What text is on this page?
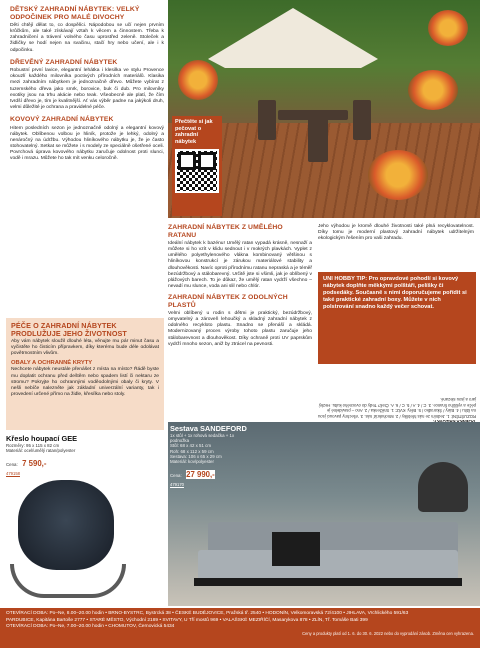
DĚTSKÝ ZAHRADNÍ NÁBYTEK: VELKÝ ODPOČINEK PRO MALÉ DIVOCHY
Děti chtějí dělat to, co dospělíci. Nápodobou se učí nejen prvním krůčkům, ale také získávají vztah k věcem a činnostem. Třeba k zahradničení a trávení volného času uprostřed zeleně. Stoleček a židličky se hodí nejen na svačinu, stačí hry nebo učení, ale i k odpočinku.
DŘEVĚNÝ ZAHRADNÍ NÁBYTEK
Robustní první lavice, elegantní lehátka i klesilka ve stylu Provence okouzlí každého milovníka poctivých přírodních materiálů. Klasika mezi zahradním nábytkem je jednoznačně dřevo. Můžete vybírat z tuzemského dřeva jako smrk, borovice, buk či dub. Pro milovníky exotiky jsou na trhu akácie nebo teak. Všeobecně ale platí, že čím tvrdší dřevo je, tím je kvalitnější. Ať vás výběr padne na jakýkoli druh, velmi důležité je ochrana a pravidelné péče.
KOVOVÝ ZAHRADNÍ NÁBYTEK
Hitem posledních sezon je jednoznačně odolný a elegantní kovový nábytek. Oblíbenou volbou je hliník, protože je lehký, odolný a nenáročný na údržbu. Výhodou hliníkového nábytku je, že je často stohovatelný. Setkat se můžete i s modely ze speciálně ošetřené oceli. Povrchová úprava kovového nábytku zaručuje odolnost proti slunci, vodě i mrazu. Můžete ho tak mít venku celoročně.
PÉČE O ZAHRADNÍ NÁBYTEK PRODLUŽUJE JEHO ŽIVOTNOST
Aby vám nábytek sloužil dlouhé léta, věnujte mu pár minut času a vyčistěte ho čisticím přípravkem, díky kterému bude déle odolávat povětrnostním vlivům.
OBALY A OCHRANNÉ KRYTY
Nechcete nábytek neustále přenášet z místa na místo? Řádě byste mu doplatit ochranu před deštěm nebo spadem listí či nektaru ze stromu? Pokryjte ho ochrannými voděodolnými obaly či kryty. V nešli nebíče nalezněte jak základní univerzální varianty, tak i provedení určené přímo na židle, křesílka nebo stoly.
Přečtěte si jak pečovat o zahradní nábytek
ZAHRADNÍ NÁBYTEK Z UMĚLÉHO RATANU
Ideální nábytek k bazénu! Umělý ratan vypadá krásně, nesnaží a můžete si ho vzít v klidu sednout i v mokrých plavkách. Vyplet z umělého polyethylenového vlákna kombinovaný většinou s hliníkovou konstrukcí je zárukou materiálové stability a dlouhověkosti. Navíc oproti přírodnímu ratanu nepraská a je téměř bezúdržbový a stálobarevný. Určitě jste si všimli, jak je oblíbený v plážových barech. To je důkaz, že umělý ratan vydrží všechno – nevadí mu slunce, voda ani slil nebo chlór.
ZAHRADNÍ NÁBYTEK Z ODOLNÝCH PLASTŮ
Velmi oblíbený u rodin s dětmi je praktický, bezúdržbový, omyvatelný a zároveň lehoučký a skladný zahradní nábytek z odolného recykloto plastu. Snadno se přenáší a skládá. Modernizovaný proces výroby tohoto plastu zaručuje jeho stálobarevnost a dlouhověkost. Díky ochraně proti UV paprskům vydrží mnoho sezon, aniž by ztrácel na pevnosti.
Jeho výhodou je kromě dlouhé životnosti také plná recyklovatelnost. Díky tomu je moderní plastový zahradní nábytek udržitelným ekologickým řešením pro vaši zahradu.
UNI HOBBY TIP: Pro opravdové pohodlí si kovový nábytek doplňte měkkými polštáři, pelíšky či podsedáky. Současně s nimi doporučujeme pořídit si také praktické zahradní boxy. Můžete v nich polstrování snadno každý večer schovat.
ROZUŠTĚNÍ: 1. Jedním ze nás hřeblíky / 2. Mnohokráť nás. 3. Všechny pavouci jsou na štítu / 4. Báry / Škorodko / 5. Běry. KVÍZ: 1. Sněženka / 2. Ano – pravidelné je péče a vyššího finance. 3. C / 4. A / 5. C / 6. A. Čteš? Tedy do ovocného kultu. Hezký jaro a jsou slezané.
Křeslo houpací GEE
Rozměry: 95 x 115 x 82 cm
Materiál: ocel/umělý ratan/polyester
Cena: 7 590,-
479158
Sestava SANDEFORD
1x stůl + 1x rohová sedačka + 1x podnožka
Stůl: 68 x 42 x 51 cm
Roh: 68 x 112 x 59 cm
Sestava: 106 x 65 x 29 cm
Materiál: kov/polyester
Cena: 27 990,-
479170
OTEVÍRACÍ DOBA: Po–Ne, 8.00–20.00 hodin • BRNO-BYSTRC, Bystrcká 38 • ČESKÉ BUDĚJOVICE, Pražská tř. 2540 • HODONÍN, Velkomoravská 72/4100 • JIHLAVA, Vrchlického 591/63
PARDUBICE, Kapitána Bartoše 2777 • STARÉ MĚSTO, Východní 2189 • SVITAVY, U Tří mostů 969 • VALAŠSKÉ MEZIŘÍČÍ, Masarykova 878 • ZLÍN, Tř. Tomáše Bati 399
OTEVÍRACÍ DOBA: Po–Ne, 7.00–20.00 hodin • CHOMUTOV, Černovická 5434
Ceny a produkty platí od 1. 6. do 30. 6. 2022 nebo do vyprodání zásob. Změna cen vyhrazena.
